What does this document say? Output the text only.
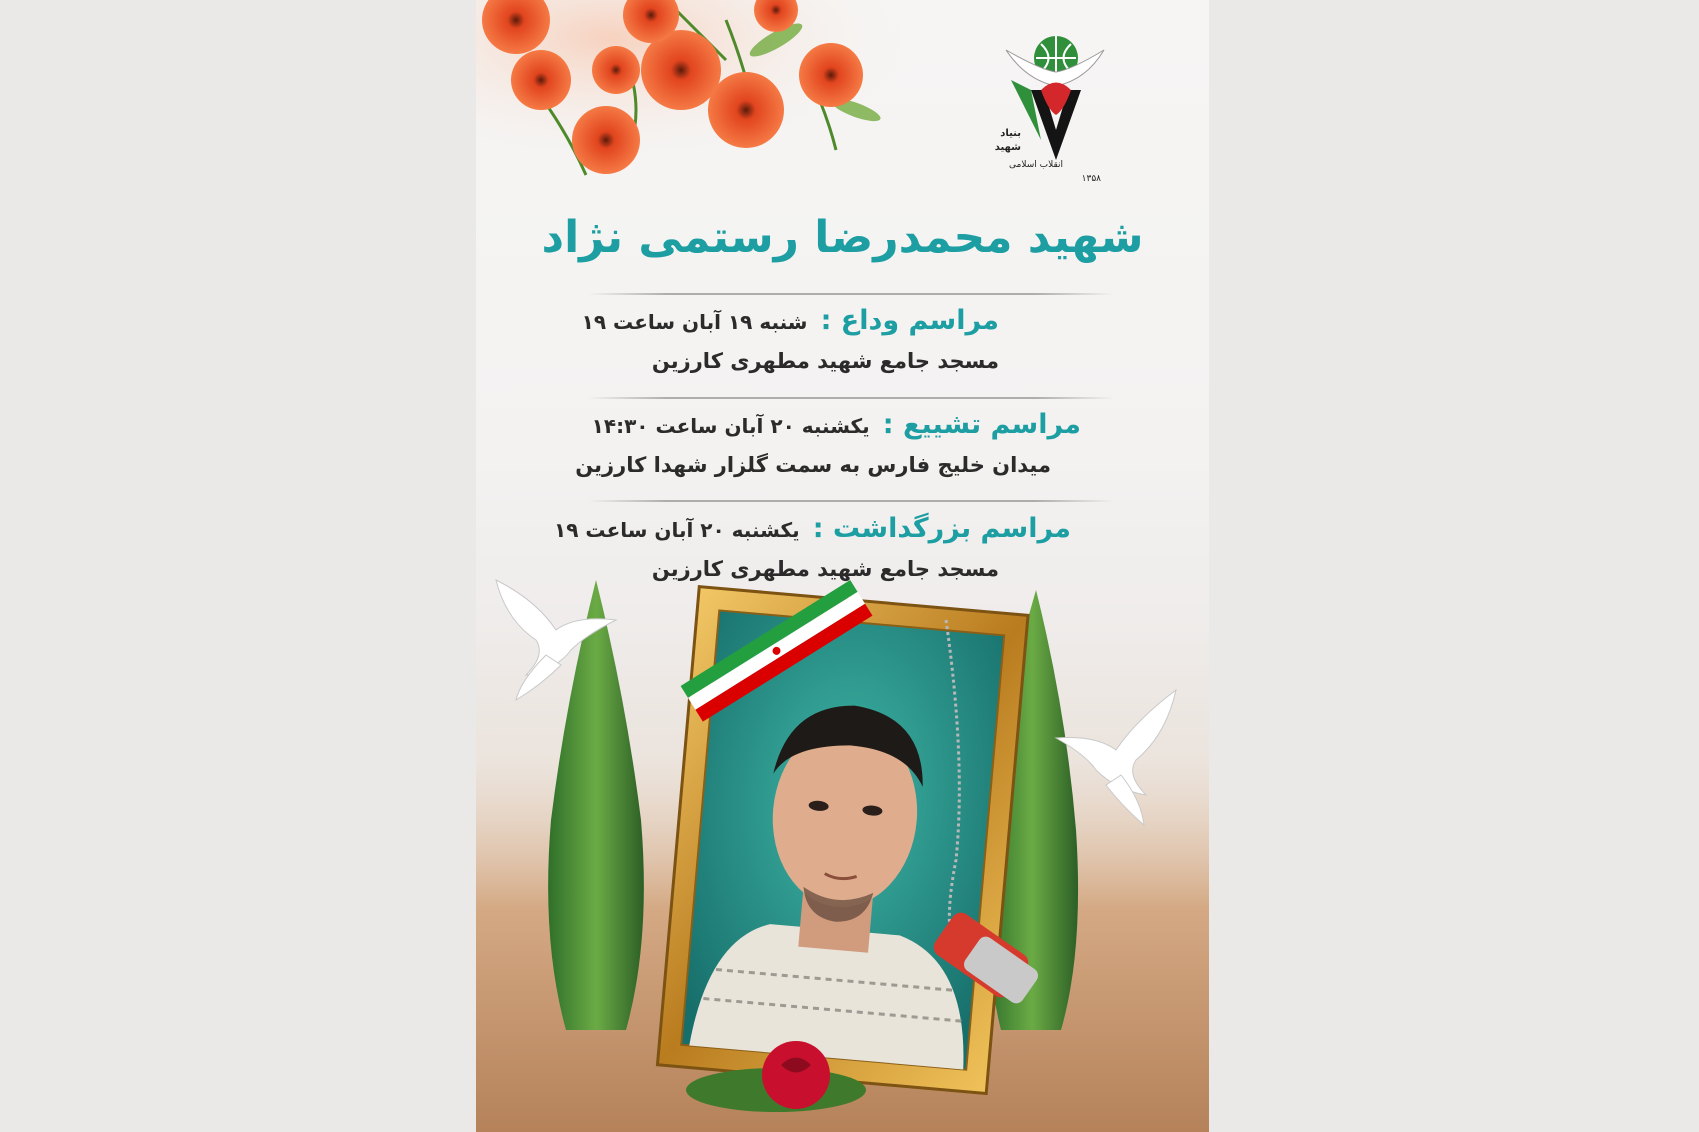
بنیاد
شهید
انقلاب اسلامی
۱۳۵۸
شهید محمدرضا رستمی نژاد
مراسم وداع : شنبه ۱۹ آبان ساعت ۱۹
مسجد جامع شهید مطهری کارزین
مراسم تشییع : یکشنبه ۲۰ آبان ساعت ۱۴:۳۰
میدان خلیج فارس به سمت گلزار شهدا کارزین
مراسم بزرگداشت : یکشنبه ۲۰ آبان ساعت ۱۹
مسجد جامع شهید مطهری کارزین
